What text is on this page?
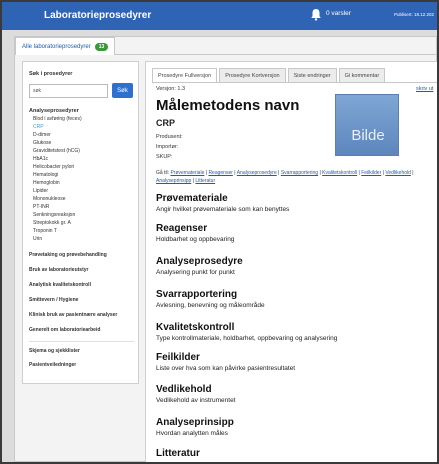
Laboratorieprosedyrer	0 varsler	Publisert: 18.12.202
Alle laboratorieprosedyrer	13
Søk i prosedyrer
søk
Søk
Analyseprosedyrer
Blod i avføring (feces)
CRP
D-dimer
Glukose
Graviditetstest (hCG)
HbA1c
Helicobacter pylori
Hematologi
Hemoglobin
Lipider
Mononukleose
PT-INR
Senkningsreaksjon
Streptokokk gr. A
Troponin T
Urin
Prøvetaking og prøvebehandling
Bruk av laboratorieutstyr
Analytisk kvalitetskontroll
Smittevern / Hygiene
Klinisk bruk av pasientnære analyser
Generelt om laboratoriearbeid
Skjema og sjekklister
Pasientveiledninger
Prosedyre Fullversjon	Prosedyre Kortversjon	Siste endringer	Gi kommentar
Versjon: 1.3	skriv ut
Målemetodens navn
CRP
Produsent:
Importør:
SKUP:
Bilde
Gå til: Prøvemateriale | Reagenser | Analyseprosedyre | Svarrapportering | Kvalitetskontroll | Feilkilder | Vedlikehold | Analyseprinsipp | Litteratur
Prøvemateriale
Angir hvilket prøvemateriale som kan benyttes
Reagenser
Holdbarhet og oppbevaring
Analyseprosedyre
Analysering punkt for punkt
Svarrapportering
Avlesning, benevning og måleområde
Kvalitetskontroll
Type kontrollmateriale, holdbarhet, oppbevaring og analysering
Feilkilder
Liste over hva som kan påvirke pasientresultatet
Vedlikehold
Vedlikehold av instrumentet
Analyseprinsipp
Hvordan analytten måles
Litteratur
